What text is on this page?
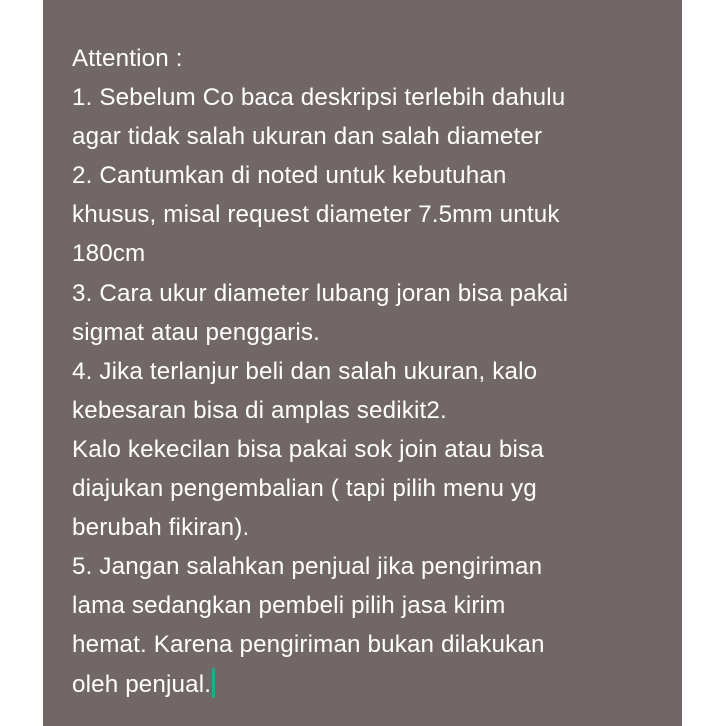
Attention :
1. Sebelum Co baca deskripsi terlebih dahulu
agar tidak salah ukuran dan salah diameter
2. Cantumkan di noted untuk kebutuhan
khusus, misal request diameter 7.5mm untuk
180cm
3. Cara ukur diameter lubang joran bisa pakai
sigmat atau penggaris.
4. Jika terlanjur beli dan salah ukuran, kalo
kebesaran bisa di amplas sedikit2.
Kalo kekecilan bisa pakai sok join atau bisa
diajukan pengembalian ( tapi pilih menu yg
berubah fikiran).
5. Jangan salahkan penjual jika pengiriman
lama sedangkan pembeli pilih jasa kirim
hemat. Karena pengiriman bukan dilakukan
oleh penjual.
